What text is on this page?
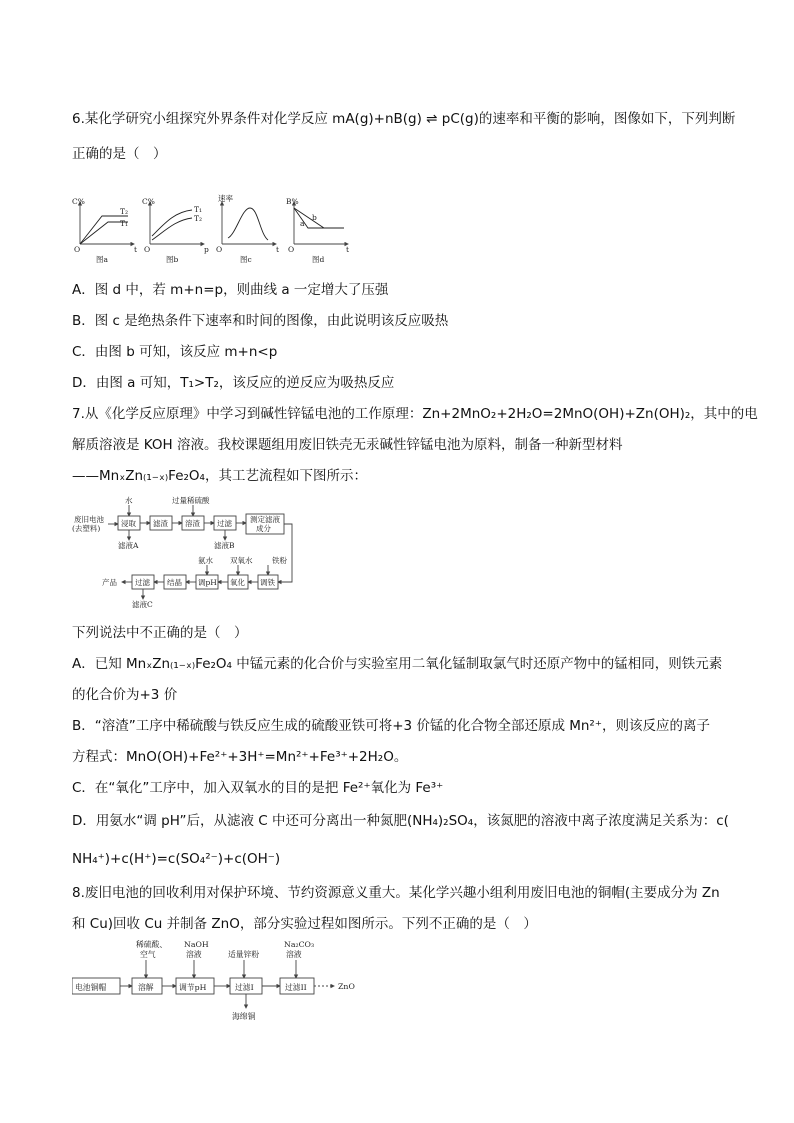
6.某化学研究小组探究外界条件对化学反应 mA(g)+nB(g) ⇌ pC(g)的速率和平衡的影响，图像如下，下列判断
正确的是（　）
C%
O	t
T₂
T₁
图a
C%
O	p
T₁
T₂
图b
速率
O	t
图c
B%
O	t
b
a
图d
A．图 d 中，若 m+n=p，则曲线 a 一定增大了压强
B．图 c 是绝热条件下速率和时间的图像，由此说明该反应吸热
C．由图 b 可知，该反应 m+n<p
D．由图 a 可知，T₁>T₂，该反应的逆反应为吸热反应
7.从《化学反应原理》中学习到碱性锌锰电池的工作原理：Zn+2MnO₂+2H₂O=2MnO(OH)+Zn(OH)₂，其中的电
解质溶液是 KOH 溶液。我校课题组用废旧铁壳无汞碱性锌锰电池为原料，制备一种新型材料
——MnₓZn₍₁₋ₓ₎Fe₂O₄，其工艺流程如下图所示：
废旧电池
(去塑料)
水
浸取
滤液A
滤渣
过量稀硫酸
溶渣 过滤
滤液B
测定滤液
成分
铁粉
调铁
双氧水
氧化
氨水
调pH
结晶
过滤
产品
滤液C
下列说法中不正确的是（　）
A．已知 MnₓZn₍₁₋ₓ₎Fe₂O₄ 中锰元素的化合价与实验室用二氧化锰制取氯气时还原产物中的锰相同，则铁元素
的化合价为+3 价
B．“溶渣”工序中稀硫酸与铁反应生成的硫酸亚铁可将+3 价锰的化合物全部还原成 Mn²⁺，则该反应的离子
方程式：MnO(OH)+Fe²⁺+3H⁺=Mn²⁺+Fe³⁺+2H₂O。
C．在“氧化”工序中，加入双氧水的目的是把 Fe²⁺氧化为 Fe³⁺
D．用氨水“调 pH”后，从滤液 C 中还可分离出一种氮肥(NH₄)₂SO₄，该氮肥的溶液中离子浓度满足关系为：c(
NH₄⁺)+c(H⁺)=c(SO₄²⁻)+c(OH⁻)
8.废旧电池的回收利用对保护环境、节约资源意义重大。某化学兴趣小组利用废旧电池的铜帽(主要成分为 Zn
和 Cu)回收 Cu 并制备 ZnO，部分实验过程如图所示。下列不正确的是（　）
电池铜帽
稀硫酸、
空气
溶解
NaOH
溶液
调节pH
适量锌粉
过滤I
海绵铜
Na₂CO₃
溶液
过滤II	ZnO
